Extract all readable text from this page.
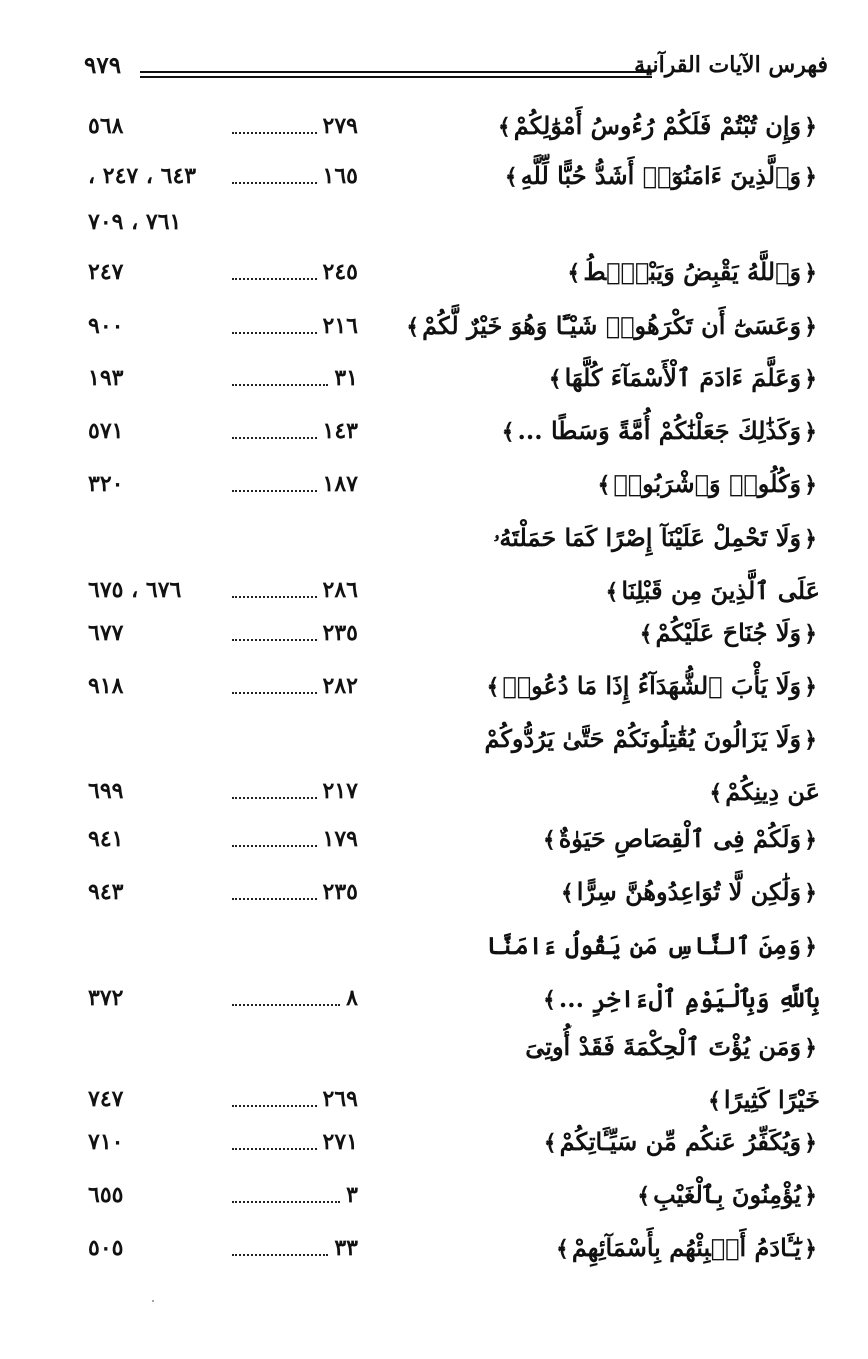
فهرس الآيات القرآنية
٩٧٩
﴿وَإِن تُبْتُمْ فَلَكُمْ رُءُوسُ أَمْوَٰلِكُمْ﴾
٢٧٩
٥٦٨
﴿وَٱلَّذِينَ ءَامَنُوٓا۟ أَشَدُّ حُبًّا لِّلَّهِ﴾
١٦٥
٦٤٣ ، ٢٤٧ ،
٧٦١ ، ٧٠٩
﴿وَٱللَّهُ يَقْبِضُ وَيَبْصُۜطُ﴾
٢٤٥
٢٤٧
﴿وَعَسَىٰٓ أَن تَكْرَهُوا۟ شَيْـًٔا وَهُوَ خَيْرٌ لَّكُمْ﴾
٢١٦
٩٠٠
﴿وَعَلَّمَ ءَادَمَ ٱلْأَسْمَآءَ كُلَّهَا﴾
٣١
١٩٣
﴿وَكَذَٰلِكَ جَعَلْنَٰكُمْ أُمَّةً وَسَطًا ...﴾
١٤٣
٥٧١
﴿وَكُلُوا۟ وَٱشْرَبُوا۟﴾
١٨٧
٣٢٠
﴿وَلَا تَحْمِلْ عَلَيْنَآ إِصْرًا كَمَا حَمَلْتَهُۥ عَلَى ٱلَّذِينَ مِن قَبْلِنَا﴾
٢٨٦
٦٧٦ ، ٦٧٥
﴿وَلَا جُنَاحَ عَلَيْكُمْ﴾
٢٣٥
٦٧٧
﴿وَلَا يَأْبَ ٱلشُّهَدَآءُ إِذَا مَا دُعُوا۟﴾
٢٨٢
٩١٨
﴿وَلَا يَزَالُونَ يُقَٰتِلُونَكُمْ حَتَّىٰ يَرُدُّوكُمْ عَن دِينِكُمْ﴾
٢١٧
٦٩٩
﴿وَلَكُمْ فِى ٱلْقِصَاصِ حَيَوٰةٌ﴾
١٧٩
٩٤١
﴿وَلَٰكِن لَّا تُوَاعِدُوهُنَّ سِرًّا﴾
٢٣٥
٩٤٣
﴿وَمِنَ ٱلنَّاسِ مَن يَقُولُ ءَامَنَّا بِٱللَّهِ وَبِٱلْيَوْمِ ٱلْءَاخِرِ ...﴾
٨
٣٧٢
﴿وَمَن يُؤْتَ ٱلْحِكْمَةَ فَقَدْ أُوتِىَ خَيْرًا كَثِيرًا﴾
٢٦٩
٧٤٧
﴿وَيُكَفِّرُ عَنكُم مِّن سَيِّـَٔاتِكُمْ﴾
٢٧١
٧١٠
﴿يُؤْمِنُونَ بِٱلْغَيْبِ﴾
٣
٦٥٥
﴿يَٰٓـَٔادَمُ أَنۢبِئْهُم بِأَسْمَآئِهِمْ﴾
٣٣
٥٠٥
